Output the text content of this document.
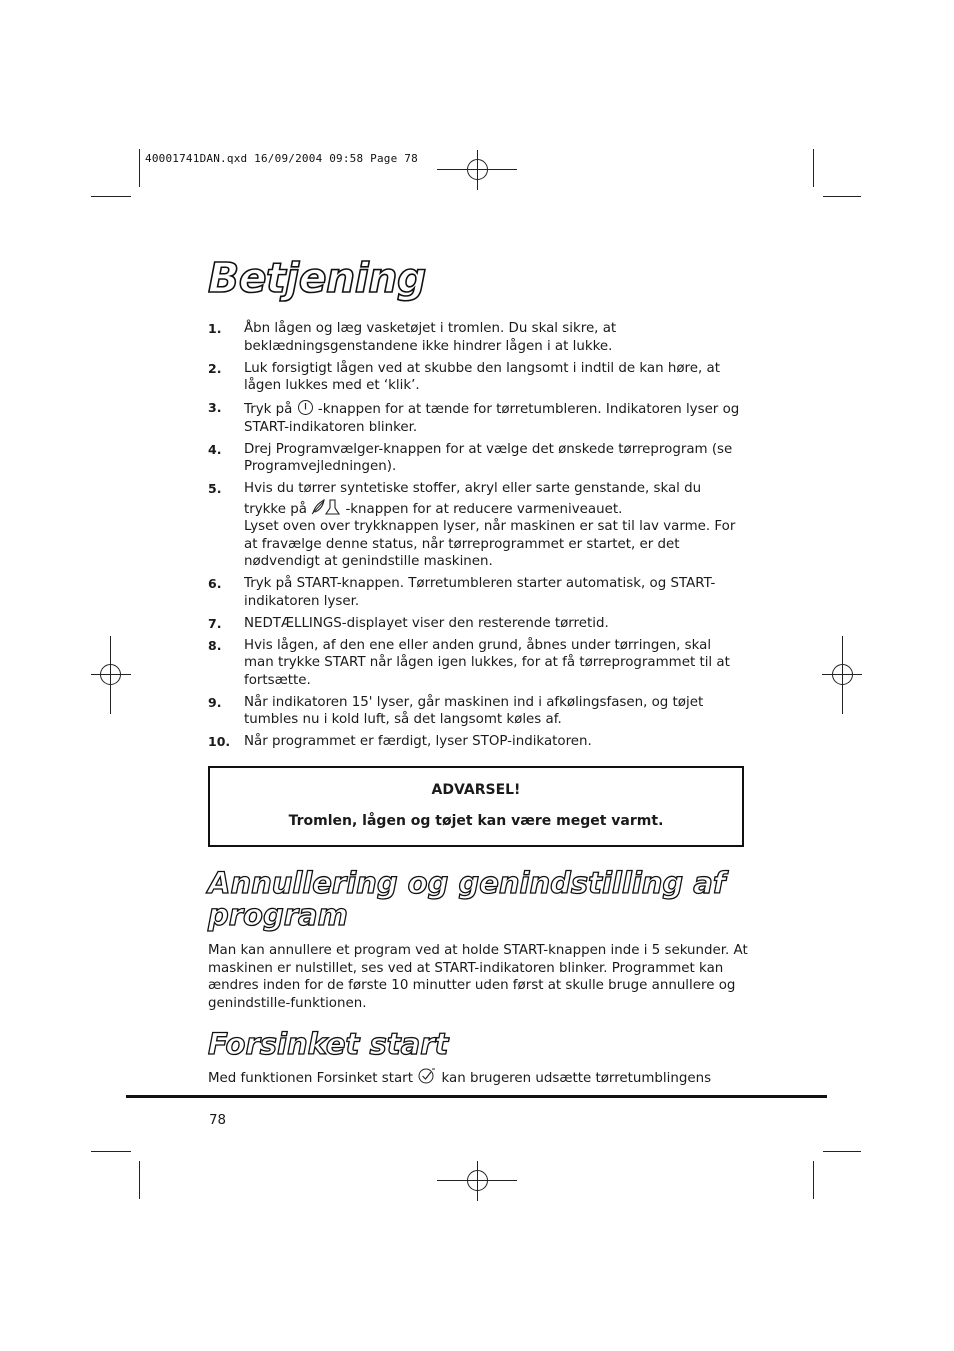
40001741DAN.qxd 16/09/2004 09:58 Page 78
Betjening
1. Åbn lågen og læg vasketøjet i tromlen. Du skal sikre, at beklædningsgenstandene ikke hindrer lågen i at lukke.
2. Luk forsigtigt lågen ved at skubbe den langsomt i indtil de kan høre, at lågen lukkes med et ‘klik’.
3. Tryk på -knappen for at tænde for tørretumbleren. Indikatoren lyser og START-indikatoren blinker.
4. Drej Programvælger-knappen for at vælge det ønskede tørreprogram (se Programvejledningen).
5. Hvis du tørrer syntetiske stoffer, akryl eller sarte genstande, skal du trykke på	-knappen for at reducere varmeniveauet.
Lyset oven over trykknappen lyser, når maskinen er sat til lav varme. For at fravælge denne status, når tørreprogrammet er startet, er det nødvendigt at genindstille maskinen.
6. Tryk på START-knappen. Tørretumbleren starter automatisk, og START-indikatoren lyser.
7. NEDTÆLLINGS-displayet viser den resterende tørretid.
8. Hvis lågen, af den ene eller anden grund, åbnes under tørringen, skal man trykke START når lågen igen lukkes, for at få tørreprogrammet til at fortsætte.
9. Når indikatoren 15' lyser, går maskinen ind i afkølingsfasen, og tøjet tumbles nu i kold luft, så det langsomt køles af.
10. Når programmet er færdigt, lyser STOP-indikatoren.
ADVARSEL!
Tromlen, lågen og tøjet kan være meget varmt.
Annullering og genindstilling af
program

Man kan annullere et program ved at holde START-knappen inde i 5 sekunder. At maskinen er nulstillet, ses ved at START-indikatoren blinker. Programmet kan ændres inden for de første 10 minutter uden først at skulle bruge annullere og genindstille-funktionen.

Forsinket start

Med funktionen Forsinket start kan brugeren udsætte tørretumblingens

78
